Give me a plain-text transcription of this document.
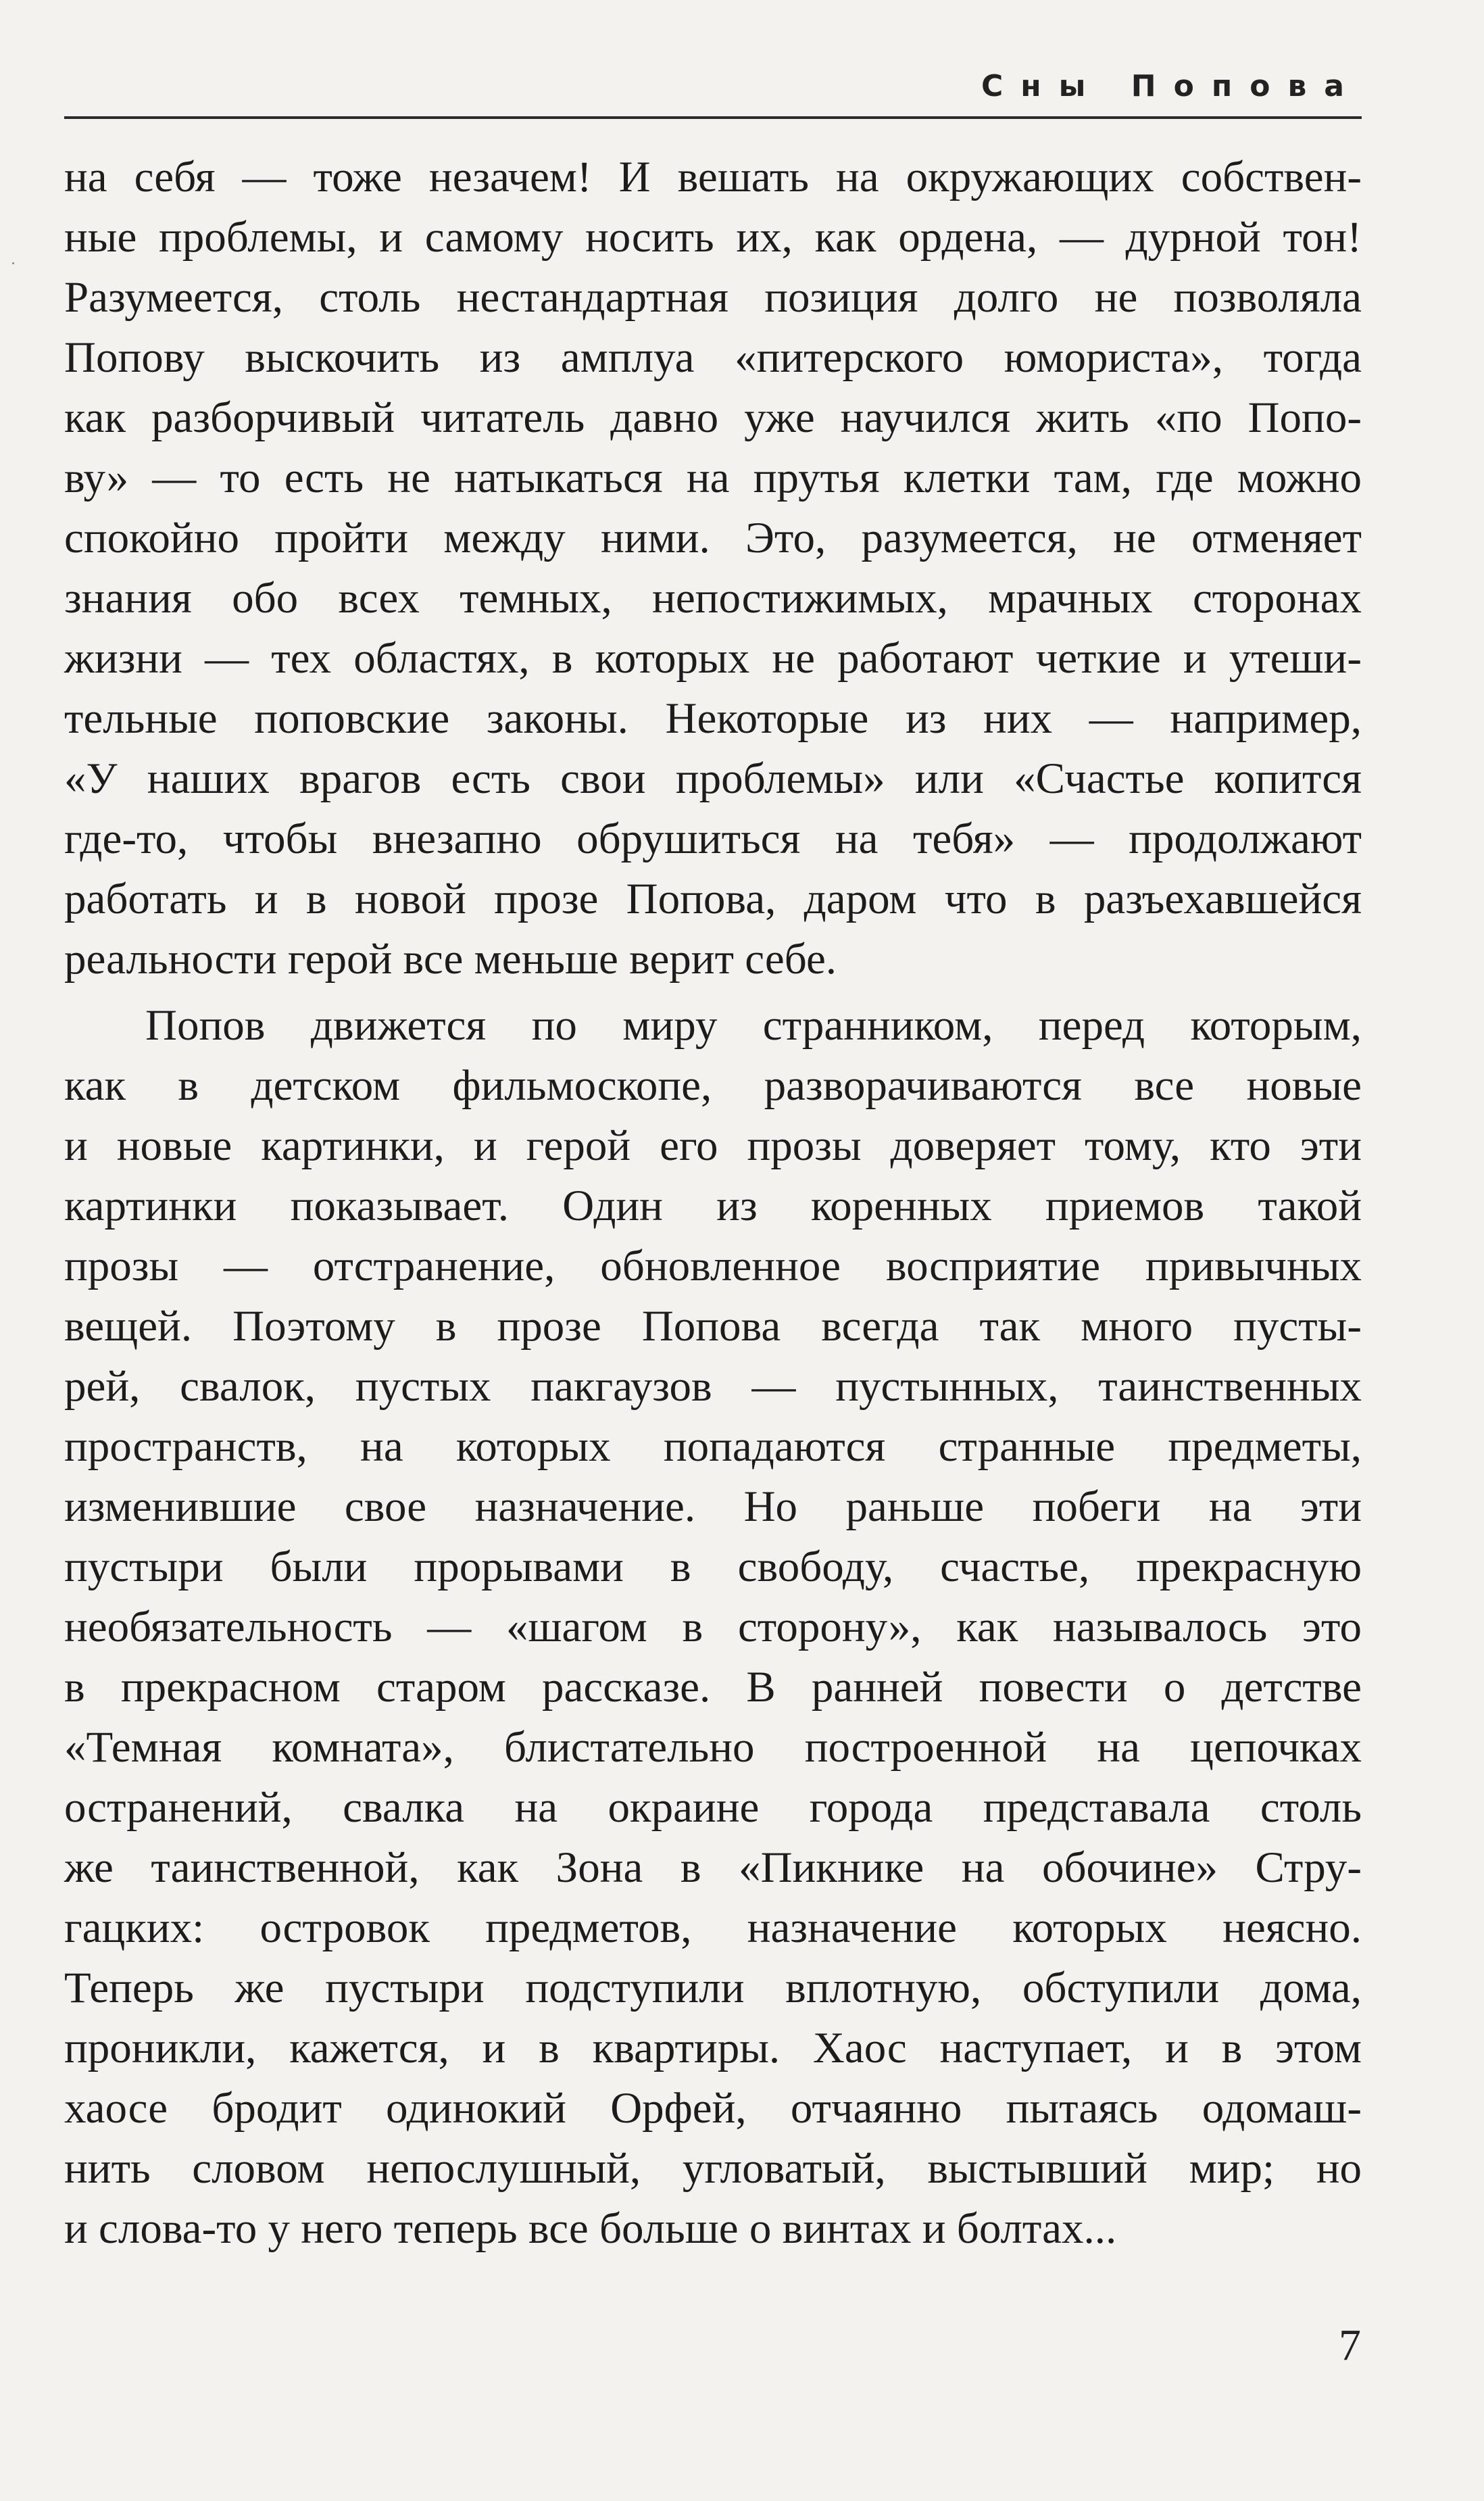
Сны Попова

на себя — тоже незачем! И вешать на окружающих собствен-
ные проблемы, и самому носить их, как ордена, — дурной тон!
Разумеется, столь нестандартная позиция долго не позволяла
Попову выскочить из амплуа «питерского юмориста», тогда
как разборчивый читатель давно уже научился жить «по Попо-
ву» — то есть не натыкаться на прутья клетки там, где можно
спокойно пройти между ними. Это, разумеется, не отменяет
знания обо всех темных, непостижимых, мрачных сторонах
жизни — тех областях, в которых не работают четкие и утеши-
тельные поповские законы. Некоторые из них — например,
«У наших врагов есть свои проблемы» или «Счастье копится
где-то, чтобы внезапно обрушиться на тебя» — продолжают
работать и в новой прозе Попова, даром что в разъехавшейся
реальности герой все меньше верит себе.

Попов движется по миру странником, перед которым,
как в детском фильмоскопе, разворачиваются все новые
и новые картинки, и герой его прозы доверяет тому, кто эти
картинки показывает. Один из коренных приемов такой
прозы — отстранение, обновленное восприятие привычных
вещей. Поэтому в прозе Попова всегда так много пусты-
рей, свалок, пустых пакгаузов — пустынных, таинственных
пространств, на которых попадаются странные предметы,
изменившие свое назначение. Но раньше побеги на эти
пустыри были прорывами в свободу, счастье, прекрасную
необязательность — «шагом в сторону», как называлось это
в прекрасном старом рассказе. В ранней повести о детстве
«Темная комната», блистательно построенной на цепочках
остранений, свалка на окраине города представала столь
же таинственной, как Зона в «Пикнике на обочине» Стру-
гацких: островок предметов, назначение которых неясно.
Теперь же пустыри подступили вплотную, обступили дома,
проникли, кажется, и в квартиры. Хаос наступает, и в этом
хаосе бродит одинокий Орфей, отчаянно пытаясь одомаш-
нить словом непослушный, угловатый, выстывший мир; но
и слова-то у него теперь все больше о винтах и болтах...

7
